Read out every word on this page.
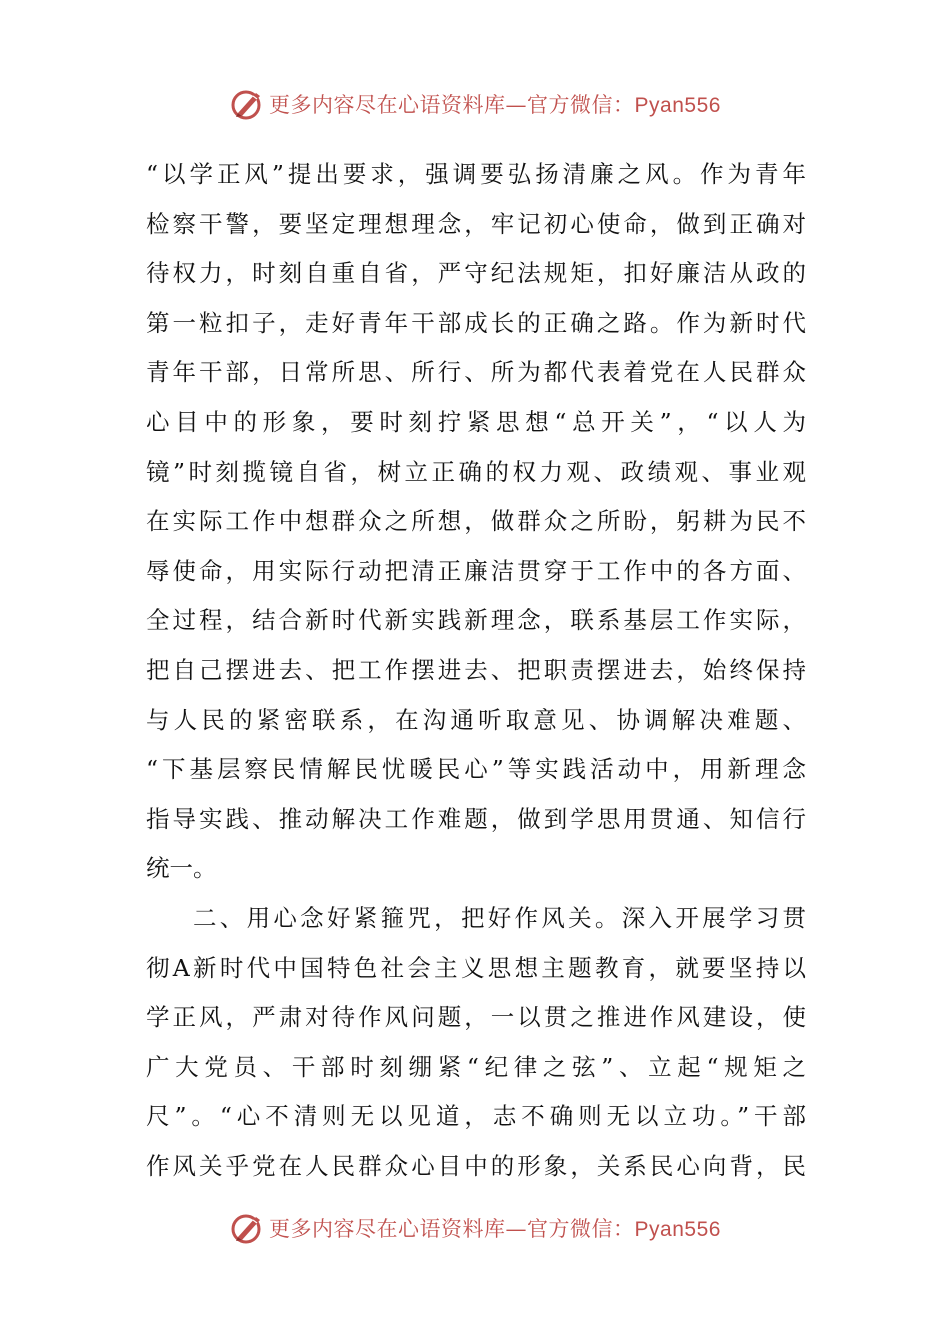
更多内容尽在心语资料库—官方微信：Pyan556
“以学正风”提出要求，强调要弘扬清廉之风。作为青年
检察干警，要坚定理想理念，牢记初心使命，做到正确对
待权力，时刻自重自省，严守纪法规矩，扣好廉洁从政的
第一粒扣子，走好青年干部成长的正确之路。作为新时代
青年干部，日常所思、所行、所为都代表着党在人民群众
心目中的形象，要时刻拧紧思想“总开关”，“以人为
镜”时刻揽镜自省，树立正确的权力观、政绩观、事业观
在实际工作中想群众之所想，做群众之所盼，躬耕为民不
辱使命，用实际行动把清正廉洁贯穿于工作中的各方面、
全过程，结合新时代新实践新理念，联系基层工作实际，
把自己摆进去、把工作摆进去、把职责摆进去，始终保持
与人民的紧密联系，在沟通听取意见、协调解决难题、
“下基层察民情解民忧暖民心”等实践活动中，用新理念
指导实践、推动解决工作难题，做到学思用贯通、知信行
统一。
二、用心念好紧箍咒，把好作风关。深入开展学习贯
彻A新时代中国特色社会主义思想主题教育，就要坚持以
学正风，严肃对待作风问题，一以贯之推进作风建设，使
广大党员、干部时刻绷紧“纪律之弦”、立起“规矩之
尺”。“心不清则无以见道，志不确则无以立功。”干部
作风关乎党在人民群众心目中的形象，关系民心向背，民
更多内容尽在心语资料库—官方微信：Pyan556
